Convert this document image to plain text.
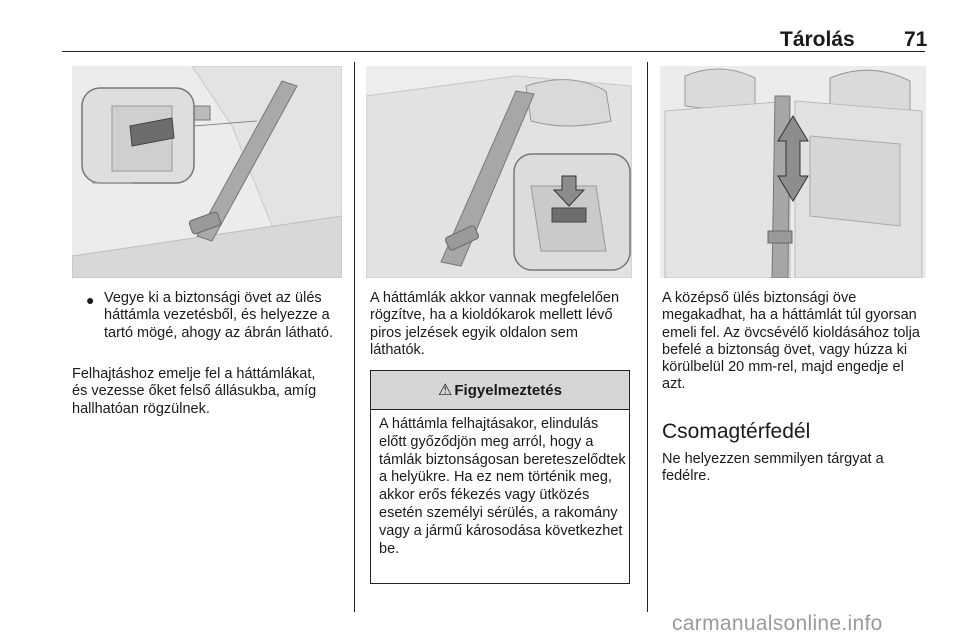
Tárolás 71
● Vegye ki a biztonsági övet az ülés háttámla vezetésből, és helyezze a tartó mögé, ahogy az ábrán látható.
Felhajtáshoz emelje fel a háttámlákat, és vezesse őket felső állásukba, amíg hallhatóan rögzülnek.
A háttámlák akkor vannak megfelelően rögzítve, ha a kioldókarok mellett lévő piros jelzések egyik oldalon sem láthatók.
⚠ Figyelmeztetés
A háttámla felhajtásakor, elindulás előtt győződjön meg arról, hogy a támlák biztonságosan bereteszelődtek a helyükre. Ha ez nem történik meg, akkor erős fékezés vagy ütközés esetén személyi sérülés, a rakomány vagy a jármű károsodása következhet be.
A középső ülés biztonsági öve megakadhat, ha a háttámlát túl gyorsan emeli fel. Az övcsévélő kioldásához tolja befelé a biztonság övet, vagy húzza ki körülbelül 20 mm-rel, majd engedje el azt.
Csomagtérfedél
Ne helyezzen semmilyen tárgyat a fedélre.
carmanualsonline.info
